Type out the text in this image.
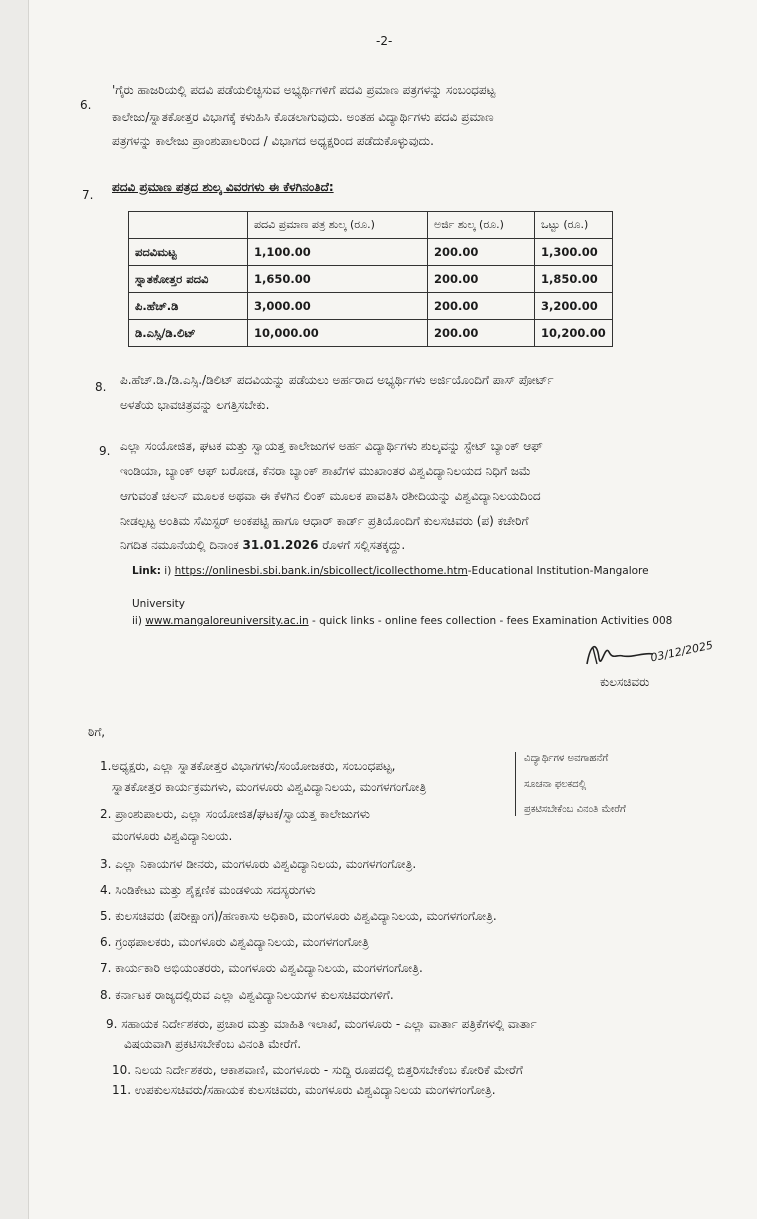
-2-
6.
'ಗೈರು ಹಾಜರಿಯಲ್ಲಿ ಪದವಿ ಪಡೆಯಲಿಚ್ಛಿಸುವ ಅಭ್ಯರ್ಥಿಗಳಿಗೆ ಪದವಿ ಪ್ರಮಾಣ ಪತ್ರಗಳನ್ನು ಸಂಬಂಧಪಟ್ಟ
ಕಾಲೇಜು/ಸ್ನಾತಕೋತ್ತರ ವಿಭಾಗಕ್ಕೆ ಕಳುಹಿಸಿ ಕೊಡಲಾಗುವುದು. ಅಂತಹ ವಿದ್ಯಾರ್ಥಿಗಳು ಪದವಿ ಪ್ರಮಾಣ
ಪತ್ರಗಳನ್ನು ಕಾಲೇಜು ಪ್ರಾಂಶುಪಾಲರಿಂದ / ವಿಭಾಗದ ಅಧ್ಯಕ್ಷರಿಂದ ಪಡೆದುಕೊಳ್ಳುವುದು.
7.
ಪದವಿ ಪ್ರಮಾಣ ಪತ್ರದ ಶುಲ್ಕ ವಿವರಗಳು ಈ ಕೆಳಗಿನಂತಿದೆ:
	ಪದವಿ ಪ್ರಮಾಣ ಪತ್ರ ಶುಲ್ಕ (ರೂ.)	ಅರ್ಜಿ ಶುಲ್ಕ (ರೂ.)	ಒಟ್ಟು (ರೂ.)
ಪದವಿಮಟ್ಟ	1,100.00	200.00	1,300.00
ಸ್ನಾತಕೋತ್ತರ ಪದವಿ	1,650.00	200.00	1,850.00
ಪಿ.ಹೆಚ್.ಡಿ	3,000.00	200.00	3,200.00
ಡಿ.ಎಸ್ಸಿ/ಡಿ.ಲಿಟ್	10,000.00	200.00	10,200.00
8. ಪಿ.ಹೆಚ್.ಡಿ./ಡಿ.ಎಸ್ಸಿ./ಡಿಲಿಟ್ ಪದವಿಯನ್ನು ಪಡೆಯಲು ಅರ್ಹರಾದ ಅಭ್ಯರ್ಥಿಗಳು ಅರ್ಜಿಯೊಂದಿಗೆ ಪಾಸ್ ಪೋರ್ಟ್
ಅಳತೆಯ ಭಾವಚಿತ್ರವನ್ನು ಲಗತ್ತಿಸಬೇಕು.
9. ಎಲ್ಲಾ ಸಂಯೋಜಿತ, ಘಟಕ ಮತ್ತು ಸ್ವಾಯತ್ತ ಕಾಲೇಜುಗಳ ಅರ್ಹ ವಿದ್ಯಾರ್ಥಿಗಳು ಶುಲ್ಕವನ್ನು ಸ್ಟೇಟ್ ಬ್ಯಾಂಕ್ ಆಫ್
ಇಂಡಿಯಾ, ಬ್ಯಾಂಕ್ ಆಫ್ ಬರೋಡ, ಕೆನರಾ ಬ್ಯಾಂಕ್ ಶಾಖೆಗಳ ಮುಖಾಂತರ ವಿಶ್ವವಿದ್ಯಾನಿಲಯದ ನಿಧಿಗೆ ಜಮೆ
ಆಗುವಂತೆ ಚಲನ್ ಮೂಲಕ ಅಥವಾ ಈ ಕೆಳಗಿನ ಲಿಂಕ್ ಮೂಲಕ ಪಾವತಿಸಿ ರಶೀದಿಯನ್ನು ವಿಶ್ವವಿದ್ಯಾನಿಲಯದಿಂದ
ನೀಡಲ್ಪಟ್ಟ ಅಂತಿಮ ಸೆಮಿಸ್ಟರ್ ಅಂಕಪಟ್ಟಿ ಹಾಗೂ ಆಧಾರ್ ಕಾರ್ಡ್ ಪ್ರತಿಯೊಂದಿಗೆ ಕುಲಸಚಿವರು (ಪ) ಕಚೇರಿಗೆ
ನಿಗದಿತ ನಮೂನೆಯಲ್ಲಿ ದಿನಾಂಕ 31.01.2026 ರೊಳಗೆ ಸಲ್ಲಿಸತಕ್ಕದ್ದು.
Link: i) https://onlinesbi.sbi.bank.in/sbicollect/icollecthome.htm-Educational Institution-Mangalore
University
ii) www.mangaloreuniversity.ac.in - quick links - online fees collection - fees Examination Activities 008
03/12/2025
ಕುಲಸಚಿವರು
ಠಿಗೆ,
1.ಅಧ್ಯಕ್ಷರು, ಎಲ್ಲಾ ಸ್ನಾತಕೋತ್ತರ ವಿಭಾಗಗಳು/ಸಂಯೋಜಕರು, ಸಂಬಂಧಪಟ್ಟ,
ಸ್ನಾತಕೋತ್ತರ ಕಾರ್ಯಕ್ರಮಗಳು, ಮಂಗಳೂರು ವಿಶ್ವವಿದ್ಯಾನಿಲಯ, ಮಂಗಳಗಂಗೋತ್ರಿ
2. ಪ್ರಾಂಶುಪಾಲರು, ಎಲ್ಲಾ ಸಂಯೋಜಿತ/ಘಟಕ/ಸ್ವಾಯತ್ತ ಕಾಲೇಜುಗಳು
ಮಂಗಳೂರು ವಿಶ್ವವಿದ್ಯಾನಿಲಯ.
3. ಎಲ್ಲಾ ನಿಕಾಯಗಳ ಡೀನರು, ಮಂಗಳೂರು ವಿಶ್ವವಿದ್ಯಾನಿಲಯ, ಮಂಗಳಗಂಗೋತ್ರಿ.
4. ಸಿಂಡಿಕೇಟು ಮತ್ತು ಶೈಕ್ಷಣಿಕ ಮಂಡಳಿಯ ಸದಸ್ಯರುಗಳು
5. ಕುಲಸಚಿವರು (ಪರೀಕ್ಷಾಂಗ)/ಹಣಕಾಸು ಅಧಿಕಾರಿ, ಮಂಗಳೂರು ವಿಶ್ವವಿದ್ಯಾನಿಲಯ, ಮಂಗಳಗಂಗೋತ್ರಿ.
6. ಗ್ರಂಥಪಾಲಕರು, ಮಂಗಳೂರು ವಿಶ್ವವಿದ್ಯಾನಿಲಯ, ಮಂಗಳಗಂಗೋತ್ರಿ
7. ಕಾರ್ಯಕಾರಿ ಅಭಿಯಂತರರು, ಮಂಗಳೂರು ವಿಶ್ವವಿದ್ಯಾನಿಲಯ, ಮಂಗಳಗಂಗೋತ್ರಿ.
8. ಕರ್ನಾಟಕ ರಾಜ್ಯದಲ್ಲಿರುವ ಎಲ್ಲಾ ವಿಶ್ವವಿದ್ಯಾನಿಲಯಗಳ ಕುಲಸಚಿವರುಗಳಿಗೆ.
9. ಸಹಾಯಕ ನಿರ್ದೇಶಕರು, ಪ್ರಚಾರ ಮತ್ತು ಮಾಹಿತಿ ಇಲಾಖೆ, ಮಂಗಳೂರು - ಎಲ್ಲಾ ವಾರ್ತಾ ಪತ್ರಿಕೆಗಳಲ್ಲಿ ವಾರ್ತಾ
ವಿಷಯವಾಗಿ ಪ್ರಕಟಿಸಬೇಕೆಂಬ ವಿನಂತಿ ಮೇರೆಗೆ.
10. ನಿಲಯ ನಿರ್ದೇಶಕರು, ಆಕಾಶವಾಣಿ, ಮಂಗಳೂರು - ಸುದ್ದಿ ರೂಪದಲ್ಲಿ ಬಿತ್ತರಿಸಬೇಕೆಂಬ ಕೋರಿಕೆ ಮೇರೆಗೆ
11. ಉಪಕುಲಸಚಿವರು/ಸಹಾಯಕ ಕುಲಸಚಿವರು, ಮಂಗಳೂರು ವಿಶ್ವವಿದ್ಯಾನಿಲಯ ಮಂಗಳಗಂಗೋತ್ರಿ.
ವಿದ್ಯಾರ್ಥಿಗಳ ಅವಗಾಹನೆಗೆ
ಸೂಚನಾ ಫಲಕದಲ್ಲಿ
ಪ್ರಕಟಿಸಬೇಕೆಂಬ ವಿನಂತಿ ಮೇರೆಗೆ
